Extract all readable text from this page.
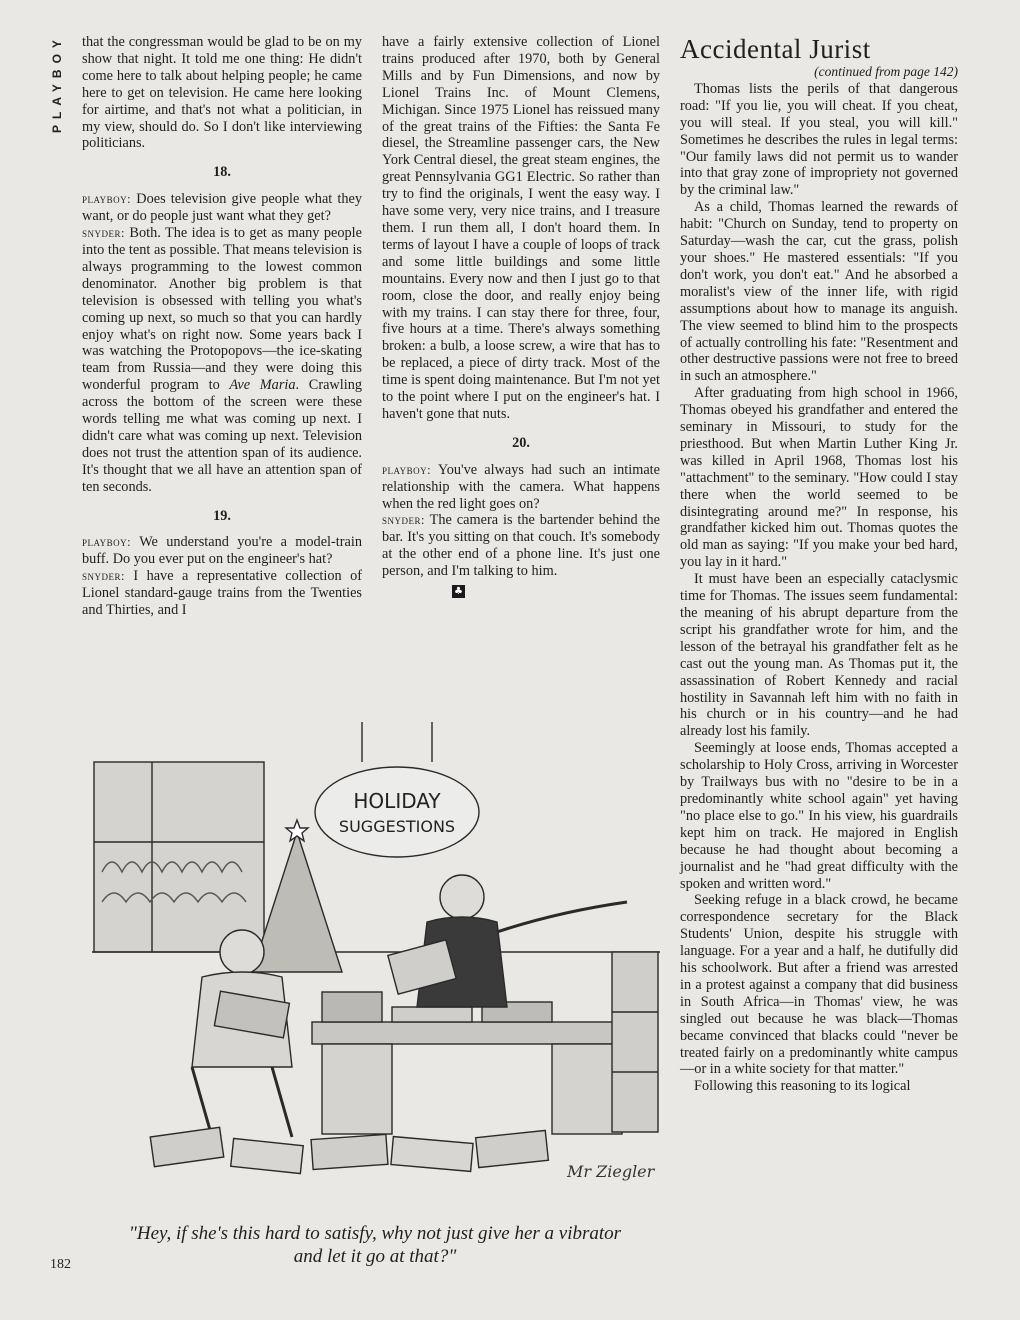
PLAYBOY that the congressman would be glad to be on my show that night. It told me one thing: He didn't come here to talk about helping people; he came here to get on television. He came here looking for airtime, and that's not what a politician, in my view, should do. So I don't like interviewing politicians.

18.

playboy: Does television give people what they want, or do people just want what they get?

snyder: Both. The idea is to get as many people into the tent as possible. That means television is always programming to the lowest common denominator. Another big problem is that television is obsessed with telling you what's coming up next, so much so that you can hardly enjoy what's on right now. Some years back I was watching the Protopopovs—the ice-skating team from Russia—and they were doing this wonderful program to Ave Maria. Crawling across the bottom of the screen were these words telling me what was coming up next. I didn't care what was coming up next. Television does not trust the attention span of its audience. It's thought that we all have an attention span of ten seconds.

19.

playboy: We understand you're a model-train buff. Do you ever put on the engineer's hat?

snyder: I have a representative collection of Lionel standard-gauge trains from the Twenties and Thirties, and I

have a fairly extensive collection of Lionel trains produced after 1970, both by General Mills and by Fun Dimensions, and now by Lionel Trains Inc. of Mount Clemens, Michigan. Since 1975 Lionel has reissued many of the great trains of the Fifties: the Santa Fe diesel, the Streamline passenger cars, the New York Central diesel, the great steam engines, the great Pennsylvania GG1 Electric. So rather than try to find the originals, I went the easy way. I have some very, very nice trains, and I treasure them. I run them all, I don't hoard them. In terms of layout I have a couple of loops of track and some little buildings and some little mountains. Every now and then I just go to that room, close the door, and really enjoy being with my trains. I can stay there for three, four, five hours at a time. There's always something broken: a bulb, a loose screw, a wire that has to be replaced, a piece of dirty track. Most of the time is spent doing maintenance. But I'm not yet to the point where I put on the engineer's hat. I haven't gone that nuts.

20.

playboy: You've always had such an intimate relationship with the camera. What happens when the red light goes on?

snyder: The camera is the bartender behind the bar. It's you sitting on that couch. It's somebody at the other end of a phone line. It's just one person, and I'm talking to him.

♣

Accidental Jurist

(continued from page 142)

Thomas lists the perils of that dangerous road: "If you lie, you will cheat. If you cheat, you will steal. If you steal, you will kill." Sometimes he describes the rules in legal terms: "Our family laws did not permit us to wander into that gray zone of impropriety not governed by the criminal law."

As a child, Thomas learned the rewards of habit: "Church on Sunday, tend to property on Saturday—wash the car, cut the grass, polish your shoes." He mastered essentials: "If you don't work, you don't eat." And he absorbed a moralist's view of the inner life, with rigid assumptions about how to manage its anguish. The view seemed to blind him to the prospects of actually controlling his fate: "Resentment and other destructive passions were not free to breed in such an atmosphere."

After graduating from high school in 1966, Thomas obeyed his grandfather and entered the seminary in Missouri, to study for the priesthood. But when Martin Luther King Jr. was killed in April 1968, Thomas lost his "attachment" to the seminary. "How could I stay there when the world seemed to be disintegrating around me?" In response, his grandfather kicked him out. Thomas quotes the old man as saying: "If you make your bed hard, you lay in it hard."

It must have been an especially cataclysmic time for Thomas. The issues seem fundamental: the meaning of his abrupt departure from the script his grandfather wrote for him, and the lesson of the betrayal his grandfather felt as he cast out the young man. As Thomas put it, the assassination of Robert Kennedy and racial hostility in Savannah left him with no faith in his church or in his country—and he had already lost his family.

Seemingly at loose ends, Thomas accepted a scholarship to Holy Cross, arriving in Worcester by Trailways bus with no "desire to be in a predominantly white school again" yet having "no place else to go." In his view, his guardrails kept him on track. He majored in English because he had thought about becoming a journalist and he "had great difficulty with the spoken and written word."

Seeking refuge in a black crowd, he became correspondence secretary for the Black Students' Union, despite his struggle with language. For a year and a half, he dutifully did his schoolwork. But after a friend was arrested in a protest against a company that did business in South Africa—in Thomas' view, he was singled out because he was black—Thomas became convinced that blacks could "never be treated fairly on a predominantly white campus—or in a white society for that matter."

Following this reasoning to its logical

HOLIDAY
SUGGESTIONS
Mr Ziegler
"Hey, if she's this hard to satisfy, why not just give her a vibrator and let it go at that?"
182
